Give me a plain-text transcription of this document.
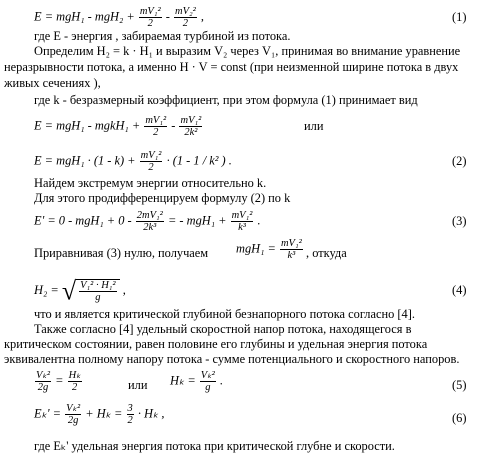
$E = mgH_1 - mgH_2 + \frac{\text{mV₁²}}{2} - \frac{\text{mV₂²}}{2}$ ,	(1)
где E - энергия , забираемая турбиной из потока.
Определим H₂ = k · H₁ и выразим V₂ через V₁, принимая во внимание уравнение
неразрывности потока, а именно H · V = const (при неизменной ширине потока в двух
живых сечениях ),
где k - безразмерный коэффициент, при этом формула (1) принимает вид
E = mgH₁ - mgkH₁ + $\frac{\text{mV₁²}}{2} - \frac{\text{mV₁²}}{\text{2k²}}$	или
$E = mgH_1 \cdot (1 - k) + \frac{\text{mV₁²}}{2} \cdot (1 - 1 / k^2$ ) .	(2)
Найдем экстремум энергии относительно k.
Для этого продифференцируем формулу (2) по k
$E' = 0 - mgH_1 + 0 - \frac{\text{2mV₁²}}{\text{2k³}}$ = - $mgH_1 + \frac{\text{mV₁²}}{\text{k³}}$ .	(3)
Приравнивая (3) нулю, получаем $mgH_1 = \frac{\text{mV₁²}}{\text{k³}}$ , откуда
H₂ = √ $\frac{\text{V₁² · H₁²}}{g}$ ,	(4)
что и является критической глубиной безнапорного потока согласно [4].
Также согласно [4] удельный скоростной напор потока, находящегося в
критическом состоянии, равен половине его глубины и удельная энергия потока
эквивалентна полному напору потока - сумме потенциального и скоростного напоров.
$\frac{\text{Vₖ²}}{2g} = \frac{\text{Hₖ}}{2}$	или $H_k = \frac{\text{Vₖ²}}{g}$ .	(5)
$E_k' = \frac{\text{Vₖ²}}{2g} + H_k = \frac{3}{2} \cdot H_k$ ,	(6)
где Eₖ' удельная энергия потока при критической глубне и скорости.
